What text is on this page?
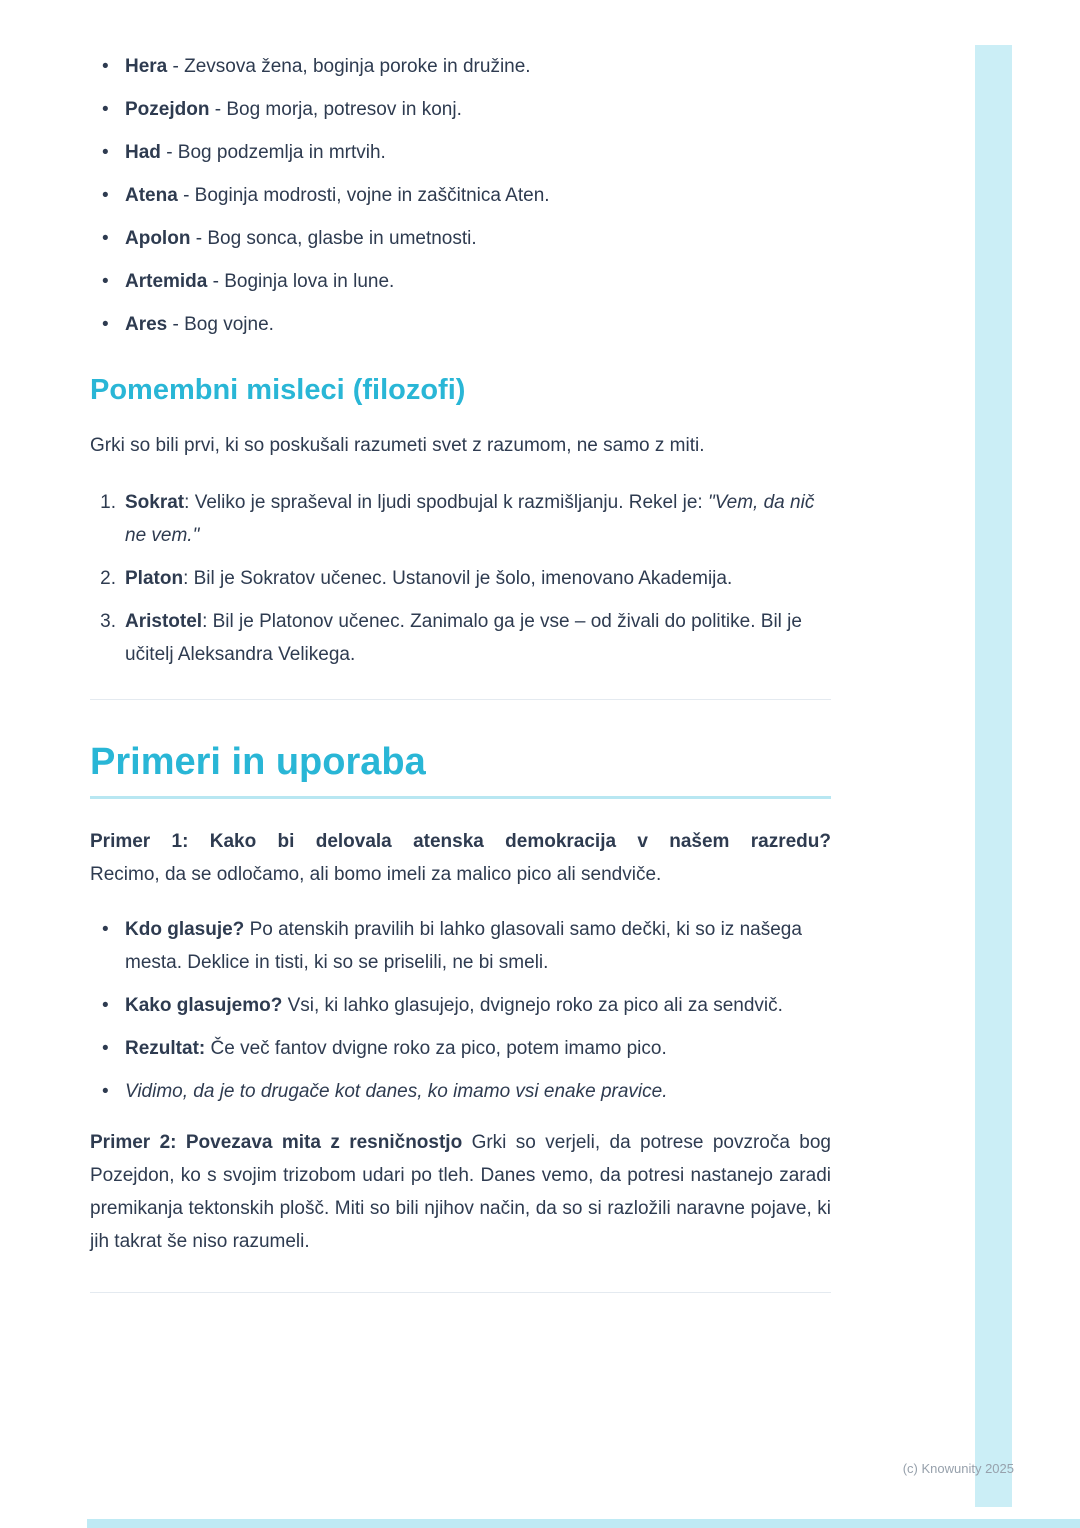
• Hera - Zevsova žena, boginja poroke in družine.
• Pozejdon - Bog morja, potresov in konj.
• Had - Bog podzemlja in mrtvih.
• Atena - Boginja modrosti, vojne in zaščitnica Aten.
• Apolon - Bog sonca, glasbe in umetnosti.
• Artemida - Boginja lova in lune.
• Ares - Bog vojne.
Pomembni misleci (filozofi)

Grki so bili prvi, ki so poskušali razumeti svet z razumom, ne samo z miti.

1. Sokrat: Veliko je spraševal in ljudi spodbujal k razmišljanju. Rekel je: "Vem, da nič ne vem."
2. Platon: Bil je Sokratov učenec. Ustanovil je šolo, imenovano Akademija.
3. Aristotel: Bil je Platonov učenec. Zanimalo ga je vse – od živali do politike. Bil je učitelj Aleksandra Velikega.
Primeri in uporaba
Primer 1: Kako bi delovala atenska demokracija v našem razredu?
Recimo, da se odločamo, ali bomo imeli za malico pico ali sendviče.
• Kdo glasuje? Po atenskih pravilih bi lahko glasovali samo dečki, ki so iz našega mesta. Deklice in tisti, ki so se priselili, ne bi smeli.
• Kako glasujemo? Vsi, ki lahko glasujejo, dvignejo roko za pico ali za sendvič.
• Rezultat: Če več fantov dvigne roko za pico, potem imamo pico.
• Vidimo, da je to drugače kot danes, ko imamo vsi enake pravice.

Primer 2: Povezava mita z resničnostjo Grki so verjeli, da potrese povzroča bog Pozejdon, ko s svojim trizobom udari po tleh. Danes vemo, da potresi nastanejo zaradi premikanja tektonskih plošč. Miti so bili njihov način, da so si razložili naravne pojave, ki jih takrat še niso razumeli.

(c) Knowunity 2025
